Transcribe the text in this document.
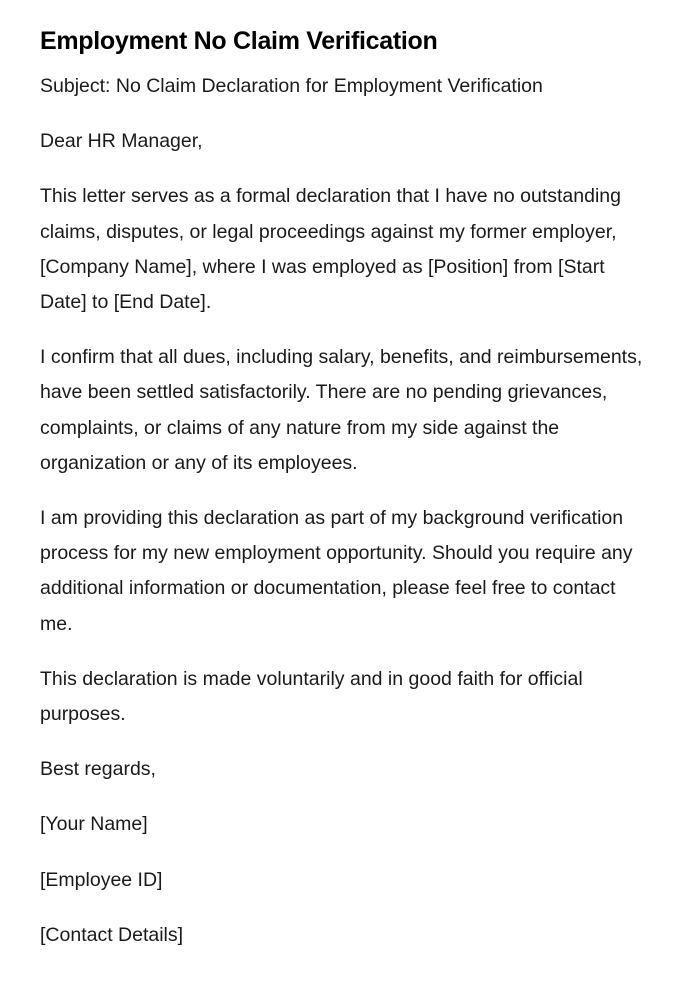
Employment No Claim Verification

Subject: No Claim Declaration for Employment Verification

Dear HR Manager,

This letter serves as a formal declaration that I have no outstanding claims, disputes, or legal proceedings against my former employer, [Company Name], where I was employed as [Position] from [Start Date] to [End Date].

I confirm that all dues, including salary, benefits, and reimbursements, have been settled satisfactorily. There are no pending grievances, complaints, or claims of any nature from my side against the organization or any of its employees.

I am providing this declaration as part of my background verification process for my new employment opportunity. Should you require any additional information or documentation, please feel free to contact me.

This declaration is made voluntarily and in good faith for official purposes.

Best regards,

[Your Name]

[Employee ID]

[Contact Details]
